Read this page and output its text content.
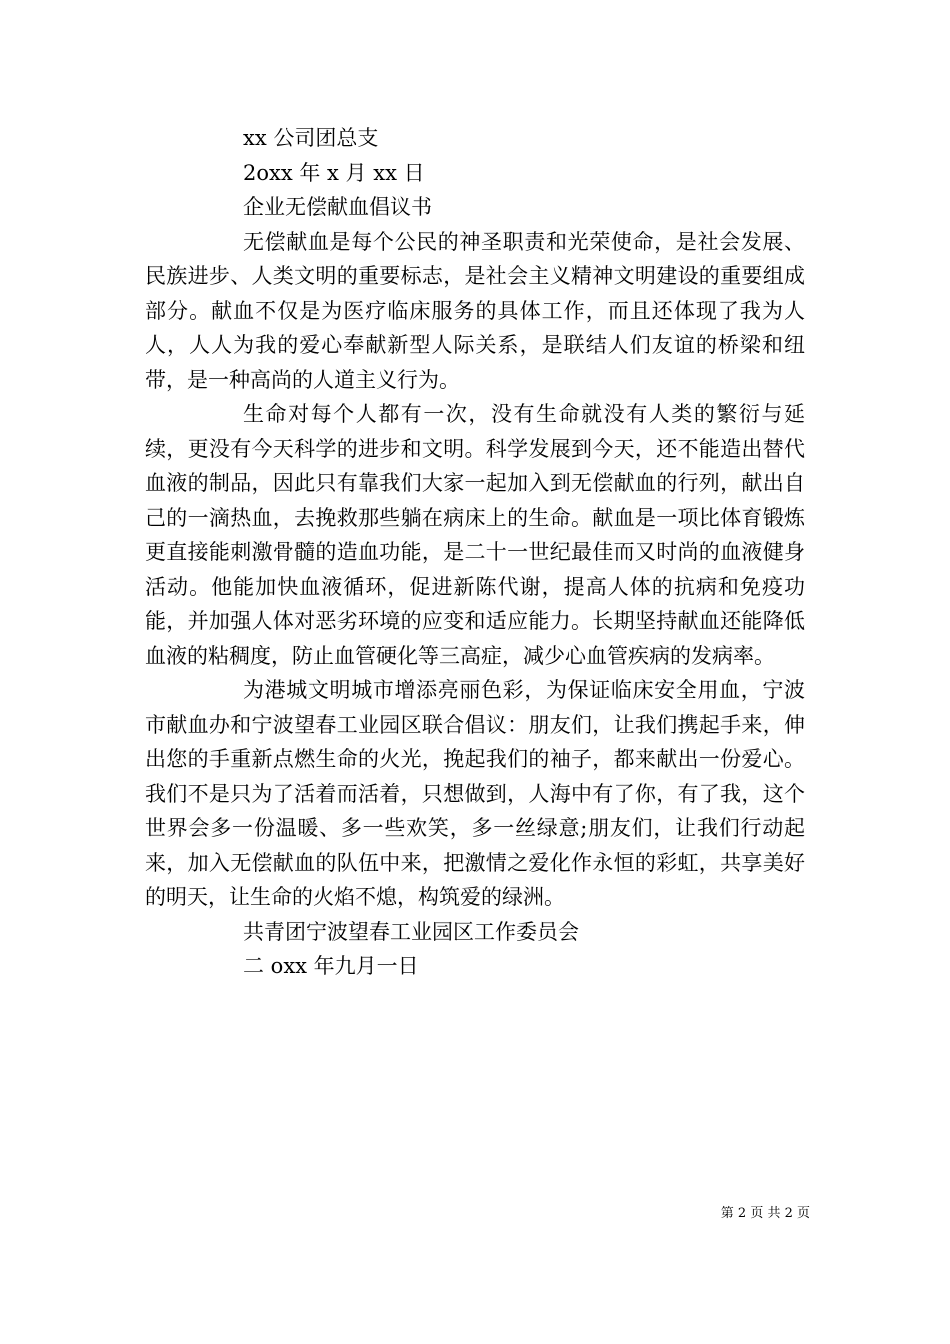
xx 公司团总支
2oxx 年 x 月 xx 日
企业无偿献血倡议书

无偿献血是每个公民的神圣职责和光荣使命，是社会发展、民族进步、人类文明的重要标志，是社会主义精神文明建设的重要组成部分。献血不仅是为医疗临床服务的具体工作，而且还体现了我为人人，人人为我的爱心奉献新型人际关系，是联结人们友谊的桥梁和纽带，是一种高尚的人道主义行为。

生命对每个人都有一次，没有生命就没有人类的繁衍与延续，更没有今天科学的进步和文明。科学发展到今天，还不能造出替代血液的制品，因此只有靠我们大家一起加入到无偿献血的行列，献出自己的一滴热血，去挽救那些躺在病床上的生命。献血是一项比体育锻炼更直接能刺激骨髓的造血功能，是二十一世纪最佳而又时尚的血液健身活动。他能加快血液循环，促进新陈代谢，提高人体的抗病和免疫功能，并加强人体对恶劣环境的应变和适应能力。长期坚持献血还能降低血液的粘稠度，防止血管硬化等三高症，减少心血管疾病的发病率。

为港城文明城市增添亮丽色彩，为保证临床安全用血，宁波市献血办和宁波望春工业园区联合倡议：朋友们，让我们携起手来，伸出您的手重新点燃生命的火光，挽起我们的袖子，都来献出一份爱心。我们不是只为了活着而活着，只想做到，人海中有了你，有了我，这个世界会多一份温暖、多一些欢笑，多一丝绿意;朋友们，让我们行动起来，加入无偿献血的队伍中来，把激情之爱化作永恒的彩虹，共享美好的明天，让生命的火焰不熄，构筑爱的绿洲。

共青团宁波望春工业园区工作委员会
二 oxx 年九月一日
第 2 页 共 2 页
